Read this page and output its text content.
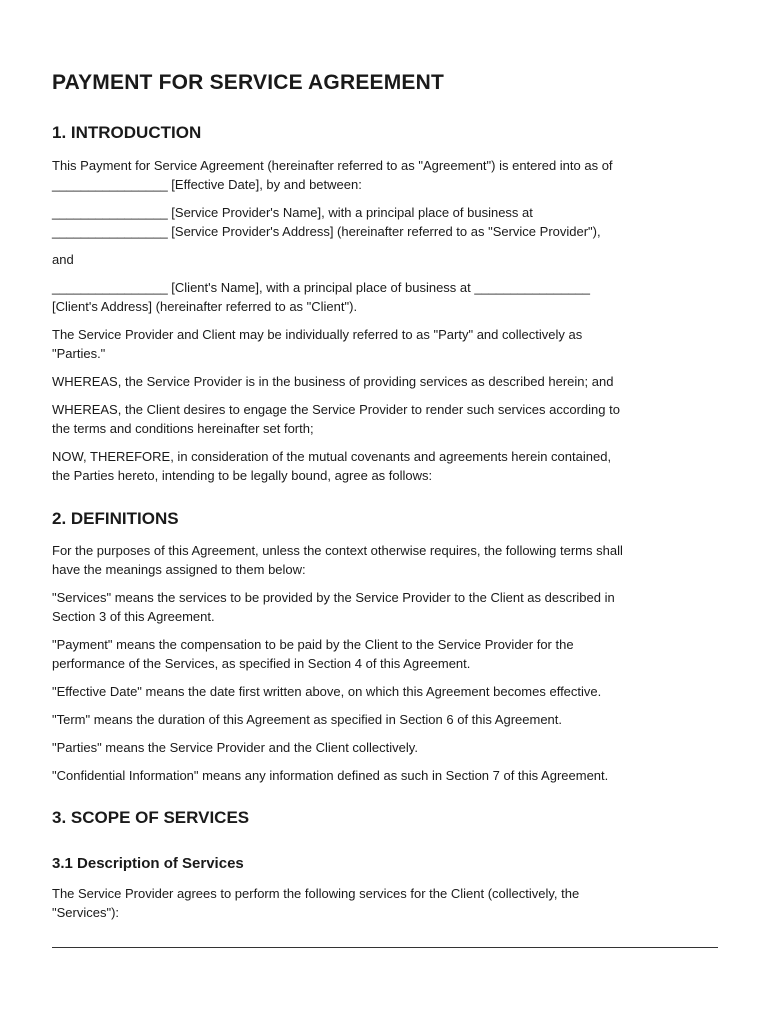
PAYMENT FOR SERVICE AGREEMENT
1. INTRODUCTION

This Payment for Service Agreement (hereinafter referred to as "Agreement") is entered into as of
________________ [Effective Date], by and between:

________________ [Service Provider's Name], with a principal place of business at
________________ [Service Provider's Address] (hereinafter referred to as "Service Provider"),

and

________________ [Client's Name], with a principal place of business at ________________
[Client's Address] (hereinafter referred to as "Client").

The Service Provider and Client may be individually referred to as "Party" and collectively as
"Parties."

WHEREAS, the Service Provider is in the business of providing services as described herein; and

WHEREAS, the Client desires to engage the Service Provider to render such services according to
the terms and conditions hereinafter set forth;

NOW, THEREFORE, in consideration of the mutual covenants and agreements herein contained,
the Parties hereto, intending to be legally bound, agree as follows:

2. DEFINITIONS

For the purposes of this Agreement, unless the context otherwise requires, the following terms shall
have the meanings assigned to them below:

"Services" means the services to be provided by the Service Provider to the Client as described in
Section 3 of this Agreement.

"Payment" means the compensation to be paid by the Client to the Service Provider for the
performance of the Services, as specified in Section 4 of this Agreement.

"Effective Date" means the date first written above, on which this Agreement becomes effective.

"Term" means the duration of this Agreement as specified in Section 6 of this Agreement.

"Parties" means the Service Provider and the Client collectively.

"Confidential Information" means any information defined as such in Section 7 of this Agreement.

3. SCOPE OF SERVICES
3.1 Description of Services

The Service Provider agrees to perform the following services for the Client (collectively, the
"Services"):
